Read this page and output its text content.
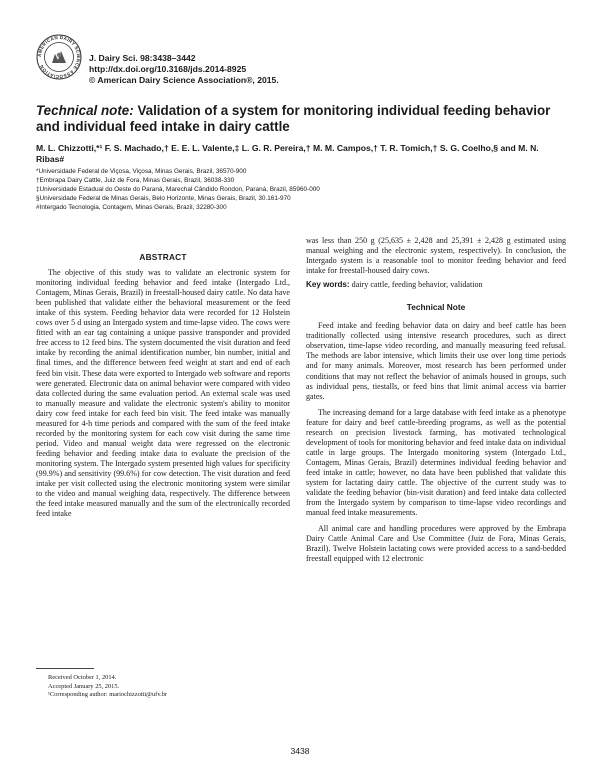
AMERICAN DAIRY SCIENCE ASSOCIATION
J. Dairy Sci. 98:3438–3442
http://dx.doi.org/10.3168/jds.2014-8925
© American Dairy Science Association®, 2015.
Technical note: Validation of a system for monitoring individual feeding behavior and individual feed intake in dairy cattle
M. L. Chizzotti,*¹ F. S. Machado,† E. E. L. Valente,‡ L. G. R. Pereira,† M. M. Campos,† T. R. Tomich,† S. G. Coelho,§ and M. N. Ribas#
*Universidade Federal de Viçosa, Viçosa, Minas Gerais, Brazil, 36570-900
†Embrapa Dairy Cattle, Juiz de Fora, Minas Gerais, Brazil, 36038-330
‡Universidade Estadual do Oeste do Paraná, Marechal Cândido Rondon, Paraná, Brazil, 85960-000
§Universidade Federal de Minas Gerais, Belo Horizonte, Minas Gerais, Brazil, 30.161-970
#Intergado Tecnologia, Contagem, Minas Gerais, Brazil, 32280-300
ABSTRACT

The objective of this study was to validate an electronic system for monitoring individual feeding behavior and feed intake (Intergado Ltd., Contagem, Minas Gerais, Brazil) in freestall-housed dairy cattle. No data have been published that validate either the behavioral measurement or the feed intake of this system. Feeding behavior data were recorded for 12 Holstein cows over 5 d using an Intergado system and time-lapse video. The cows were fitted with an ear tag containing a unique passive transponder and provided free access to 12 feed bins. The system documented the visit duration and feed intake by recording the animal identification number, bin number, initial and final times, and the difference between feed weight at start and end of each feed bin visit. These data were exported to Intergado web software and reports were generated. Electronic data on animal behavior were compared with video data collected during the same evaluation period. An external scale was used to manually measure and validate the electronic system's ability to monitor dairy cow feed intake for each feed bin visit. The feed intake was manually measured for 4-h time periods and compared with the sum of the feed intake recorded by the monitoring system for each cow visit during the same time period. Video and manual weight data were regressed on the electronic feeding behavior and feeding intake data to evaluate the precision of the monitoring system. The Intergado system presented high values for specificity (99.9%) and sensitivity (99.6%) for cow detection. The visit duration and feed intake per visit collected using the electronic monitoring system were similar to the video and manual weighing data, respectively. The difference between the feed intake measured manually and the sum of the electronically recorded feed intake

was less than 250 g (25,635 ± 2,428 and 25,391 ± 2,428 g estimated using manual weighing and the electronic system, respectively). In conclusion, the Intergado system is a reasonable tool to monitor feeding behavior and feed intake for freestall-housed dairy cows.

Key words: dairy cattle, feeding behavior, validation
Technical Note

Feed intake and feeding behavior data on dairy and beef cattle has been traditionally collected using intensive research procedures, such as direct observation, time-lapse video recording, and manually measuring feed refusal. The methods are labor intensive, which limits their use over long time periods and for many animals. Moreover, most research has been performed under conditions that may not reflect the behavior of animals housed in groups, such as individual pens, tiestalls, or feed bins that limit animal access via barrier gates.

The increasing demand for a large database with feed intake as a phenotype feature for dairy and beef cattle-breeding programs, as well as the potential research on precision livestock farming, has motivated technological development of tools for monitoring behavior and feed intake data on individual cattle in large groups. The Intergado monitoring system (Intergado Ltd., Contagem, Minas Gerais, Brazil) determines individual feeding behavior and feed intake in cattle; however, no data have been published that validate this system for lactating dairy cattle. The objective of the current study was to validate the feeding behavior (bin-visit duration) and feed intake data collected from the Intergado system by comparison to time-lapse video recordings and manual feed intake measurements.

All animal care and handling procedures were approved by the Embrapa Dairy Cattle Animal Care and Use Committee (Juiz de Fora, Minas Gerais, Brazil). Twelve Holstein lactating cows were provided access to a sand-bedded freestall equipped with 12 electronic

Received October 1, 2014.
Accepted January 25, 2015.
¹Corresponding author: mariochizzotti@ufv.br
3438
